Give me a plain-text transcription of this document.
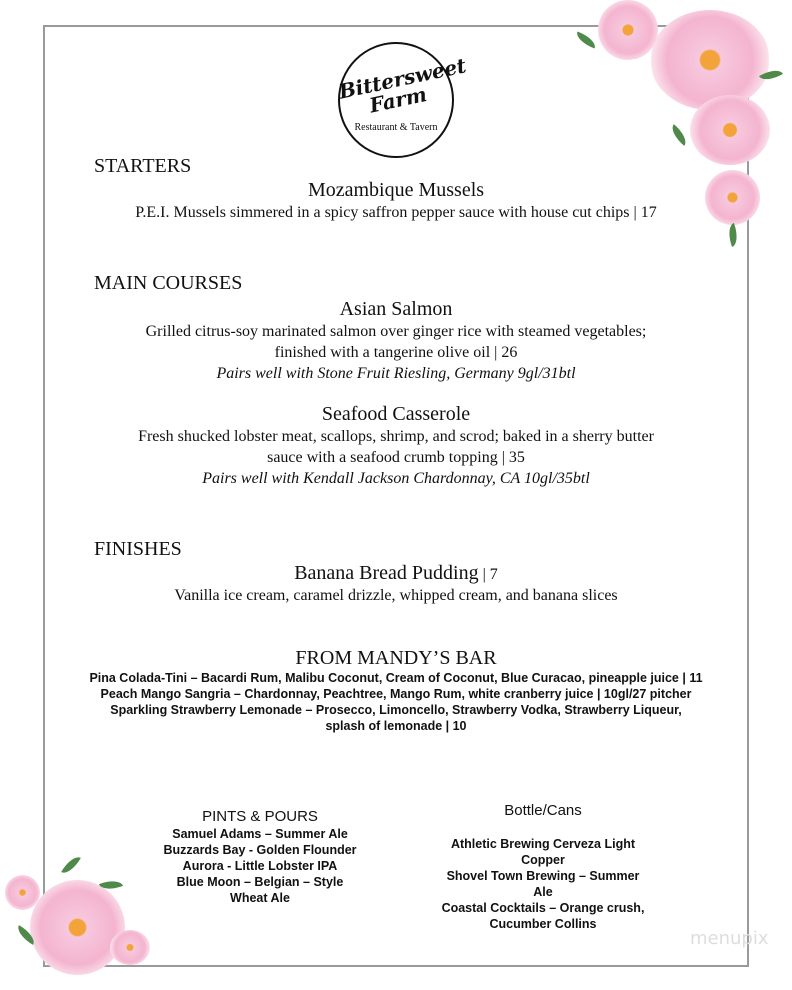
Bittersweet Farm
Restaurant & Tavern
STARTERS
Mozambique Mussels
P.E.I. Mussels simmered in a spicy saffron pepper sauce with house cut chips | 17
MAIN COURSES
Asian Salmon
Grilled citrus-soy marinated salmon over ginger rice with steamed vegetables;
finished with a tangerine olive oil | 26
Pairs well with Stone Fruit Riesling, Germany 9gl/31btl
Seafood Casserole
Fresh shucked lobster meat, scallops, shrimp, and scrod; baked in a sherry butter
sauce with a seafood crumb topping | 35
Pairs well with Kendall Jackson Chardonnay, CA 10gl/35btl
FINISHES
Banana Bread Pudding | 7
Vanilla ice cream, caramel drizzle, whipped cream, and banana slices
FROM MANDY’S BAR
Pina Colada-Tini – Bacardi Rum, Malibu Coconut, Cream of Coconut, Blue Curacao, pineapple juice | 11
Peach Mango Sangria – Chardonnay, Peachtree, Mango Rum, white cranberry juice | 10gl/27 pitcher
Sparkling Strawberry Lemonade – Prosecco, Limoncello, Strawberry Vodka, Strawberry Liqueur,
splash of lemonade | 10
PINTS & POURS
Samuel Adams – Summer Ale
Buzzards Bay - Golden Flounder
Aurora - Little Lobster IPA
Blue Moon – Belgian – Style
Wheat Ale
Bottle/Cans
Athletic Brewing Cerveza Light
Copper
Shovel Town Brewing – Summer
Ale
Coastal Cocktails – Orange crush,
Cucumber Collins
menupix
